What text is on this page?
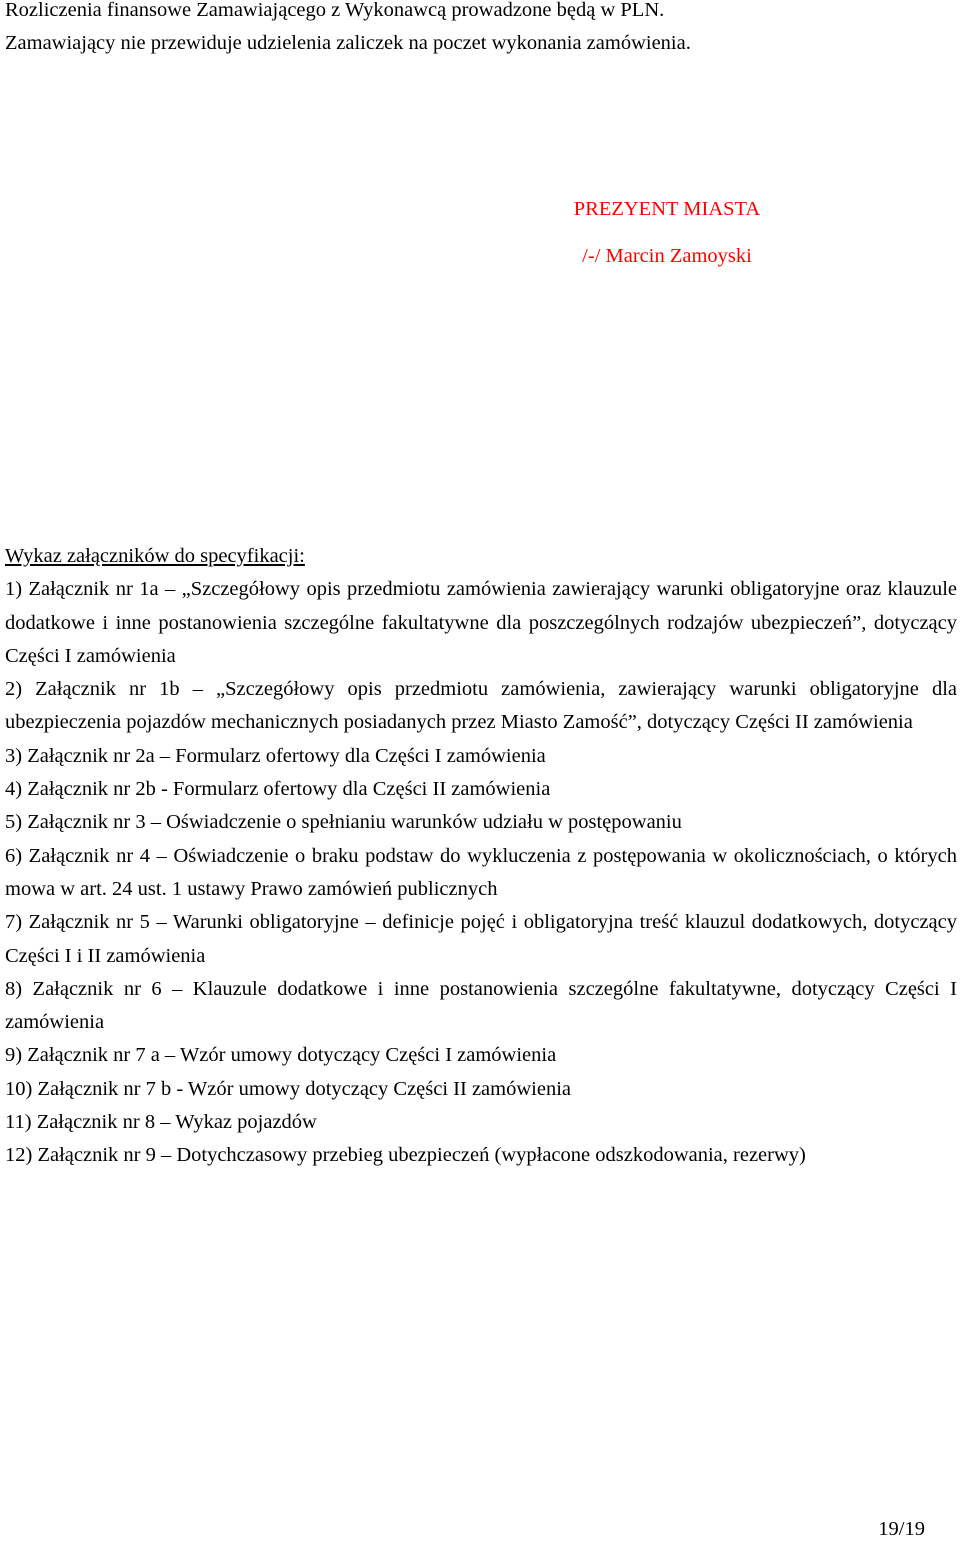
Rozliczenia finansowe Zamawiającego z Wykonawcą prowadzone będą w PLN.

Zamawiający nie przewiduje udzielenia zaliczek na poczet wykonania zamówienia.

PREZYENT MIASTA
/-/ Marcin Zamoyski
Wykaz załączników do specyfikacji:
1) Załącznik nr 1a – „Szczegółowy opis przedmiotu zamówienia zawierający warunki obligatoryjne oraz klauzule dodatkowe i inne postanowienia szczególne fakultatywne dla poszczególnych rodzajów ubezpieczeń”, dotyczący Części I zamówienia
2) Załącznik nr 1b – „Szczegółowy opis przedmiotu zamówienia, zawierający warunki obligatoryjne dla ubezpieczenia pojazdów mechanicznych posiadanych przez Miasto Zamość”, dotyczący Części II zamówienia
3) Załącznik nr 2a – Formularz ofertowy dla Części I zamówienia
4) Załącznik nr 2b - Formularz ofertowy dla Części II zamówienia
5) Załącznik nr 3 – Oświadczenie o spełnianiu warunków udziału w postępowaniu
6) Załącznik nr 4 – Oświadczenie o braku podstaw do wykluczenia z postępowania w okolicznościach, o których mowa w art. 24 ust. 1 ustawy Prawo zamówień publicznych
7) Załącznik nr 5 – Warunki obligatoryjne – definicje pojęć i obligatoryjna treść klauzul dodatkowych, dotyczący Części I i II zamówienia
8) Załącznik nr 6 – Klauzule dodatkowe i inne postanowienia szczególne fakultatywne, dotyczący Części I zamówienia
9) Załącznik nr 7 a – Wzór umowy dotyczący Części I zamówienia
10) Załącznik nr 7 b - Wzór umowy dotyczący Części II zamówienia
11) Załącznik nr 8 – Wykaz pojazdów
12) Załącznik nr 9 – Dotychczasowy przebieg ubezpieczeń (wypłacone odszkodowania, rezerwy)
19/19
